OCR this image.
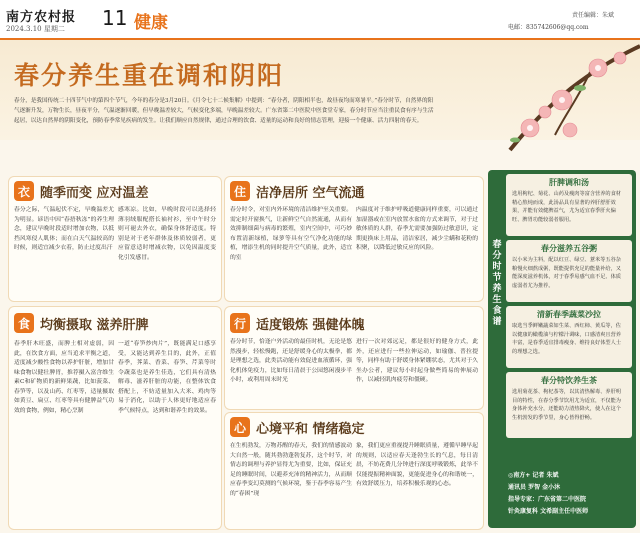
南方农村报
2024.3.10 星期二 11 健康	责任编辑：朱斌
电邮：835742606@qq.com
春分养生重在调和阴阳
春分，是我国传统二十四节气中的第四个节气，今年的春分是3月20日。《月令七十二候集解》中提到：“春分者，阴阳相半也，故昼夜均而寒暑平。”春分时节，自然界的阳气逐渐升发，万物生长，昼夜平分，气温逐渐回暖，但早晚温差较大，气候变化多端，早晚温差较大。广东省第二中医院中医食堂专家，春分时节应当注重民食有序与生活起居，以达自然界的阴阳变化，预防春季常见疾病的发生。让我们顺应自然规律，通过合理的饮食、适量的运动和良好的情志管理，迎接一个健康、活力四射的春天。
衣 随季而变 应对温差
春分之际，气温起伏不定，早晚温差尤为明显。谚语中因“春捂秋冻”的养生理念，建议早晚时段适时增加衣物，以抵挡风寒侵人肌体；而在白天气温较高的时候，则适宜减少衣着，防止过度出汗
感寒凉。比如，早晚时段可以选择轻薄羽绒服配搭长袖衬衫，至中午时分则可褪去外衣，确保身体舒适度。特别是对于老年群体及体质较弱者，更应留意适时增减衣物，以免因温度变化引发感冒。
住 洁净居所 空气流通
春分时令，对室内外环境的清洁维护至关重要。需定时开窗换气，让新鲜空气自然流通，从而有效抑制细菌与病毒的繁殖，室内空间中，可巧妙布置清新绿植，绿萝等具有空气净化功能的绿植，增添生机的同时提升空气质量，此外，适宜的室
内温度对于维护呼吸道健康同样重要，可以通过加湿器或在室内放置水盆的方式来调节，对于过敏体质的人群，春季尤需要加强防过敏意识，定期更换床上用品，清洁家居，减少尘螨和花粉的积聚，以降低过敏反应的风险。
食 均衡摄取 滋养肝脾
春季肝木旺盛，而脾土相对虚弱，因此，在饮食方面，应当追求平衡之道，适度减少酸性食物以养护肝脏，增加甘味食物以健壮脾胃，推荐摄入富含维生素C和矿物质的新鲜果蔬，比如菠菜、春笋等，以及山药、红枣等，适量摄取如黄豆、扁豆、红枣等具有健脾益气功效的食物，例如，精心烹制
一道“春笋炒肉片”，既能满足口感享受，又能达到养生目的，此外，正值春季，荠菜、香菜、春笋、芹菜等时令蔬菜也是养生佳选，它们具有清热解毒、滋养肝脏的功能，在整体饮食搭配上，不妨适量加入大米、鸡肉等易于消化，以助于人体更好地适应春季气候特点，达到和谐养生的效果。
行 适度锻炼 强健体魄
春分时节，恰逢户外活动的最佳时机，无论是悠然漫步，轻松慢跑，还是舒缓身心的太极拳，都是理想之选，此类活动能有效促进血液循环，强化机体免疫力，比如每日清晨于公园悠闲漫步半小时，或利用周末时光
进行一次对郊远足，都是很好的健身方式，此外，还应进行一些拉伸运动，如瑜伽、普拉提等，同样有助于舒缓身体紧绷状态，尤其对于久坐办公者，建议每小时起身做些简易的伸展动作，以减轻肌肉疲劳和僵硬。
心 心境平和 情绪稳定
在生机勃发，万物苏醒的春天，我们的情感波动大自然一般，随其勃勃蓬勃复苏，这个时节，对情志的调理与养护显得尤为重要，比如，保证充足的睡眠时间，以避养充沛的精神活力，从而顺应春季变幻莫测的气候环境，鉴于春季容易产生的“春困”现
象，我们更应重视提升睡眠质量，遵循早睡早起的规则，以适应春天逢勃生长的气息，每日清晨，不妨花费几分钟进行深度呼吸锻炼，此举不仅能提振精神面貌，更能促进身心的和谐统一，有效舒缓压力，培养积极乐观的心态。
春分时节养生食谱
肝脾调和汤
选用枸杞、菊花、山药及瘦肉等富含营养的食材精心熬炖而成，此汤品具有显著的养肝舒肝效果，并能有效健脾益气，尤为适宜春季肝火偏旺、脾胃功能较弱者服用。
春分滋养五谷粥
以小米为主料，配以红豆、绿豆、薏米等五谷杂粮慢火细熬成粥，既能提供充足的能量补给，又能深度滋养机体，对于春季易感气血不足、体质虚弱者尤为推荐。
清新春季蔬菜沙拉
取选当季鲜嫩蔬菜如生菜、西红柿、黄瓜等，佐以健康的橄榄油与柠檬汁调味，口感清爽且营养丰富，是春季适宜排毒瘦身、维持良好体型人士的理想之选。
春分特饮养生茶
选用菊花茶、枸杞茶等，以其清热解毒、养肝明目的特性，在春分季节饮用尤为适宜，不仅能为身体补充水分，还能助力清热降火，使人在这个生机勃发的季节里，身心皆得舒畅。
◎南方+ 记者 朱斌
通讯员 罗智 金小沐
指导专家：广东省第二中医院
针灸康复科 文希副主任中医师
